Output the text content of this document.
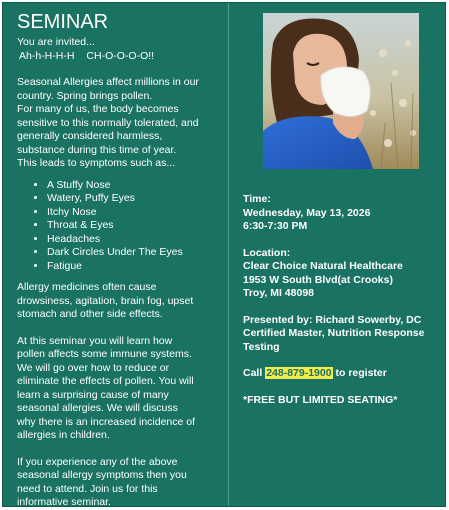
SEMINAR

You are invited...

Ah-h-H-H-H CH-O-O-O-O!!

Seasonal Allergies affect millions in our
country. Spring brings pollen.
For many of us, the body becomes
sensitive to this normally tolerated, and
generally considered harmless,
substance during this time of year.
This leads to symptoms such as...
• A Stuffy Nose
• Watery, Puffy Eyes
• Itchy Nose
• Throat & Eyes
• Headaches
• Dark Circles Under The Eyes
• Fatigue
Allergy medicines often cause
drowsiness, agitation, brain fog, upset
stomach and other side effects.
At this seminar you will learn how
pollen affects some immune systems.
We will go over how to reduce or
eliminate the effects of pollen. You will
learn a surprising cause of many
seasonal allergies. We will discuss
why there is an increased incidence of
allergies in children.
If you experience any of the above
seasonal allergy symptoms then you
need to attend. Join us for this
informative seminar.
Time:
Wednesday, May 13, 2026
6:30-7:30 PM
Location:
Clear Choice Natural Healthcare
1953 W South Blvd(at Crooks)
Troy, MI 48098
Presented by: Richard Sowerby, DC
Certified Master, Nutrition Response
Testing
Call 248-879-1900 to register
*FREE BUT LIMITED SEATING*
